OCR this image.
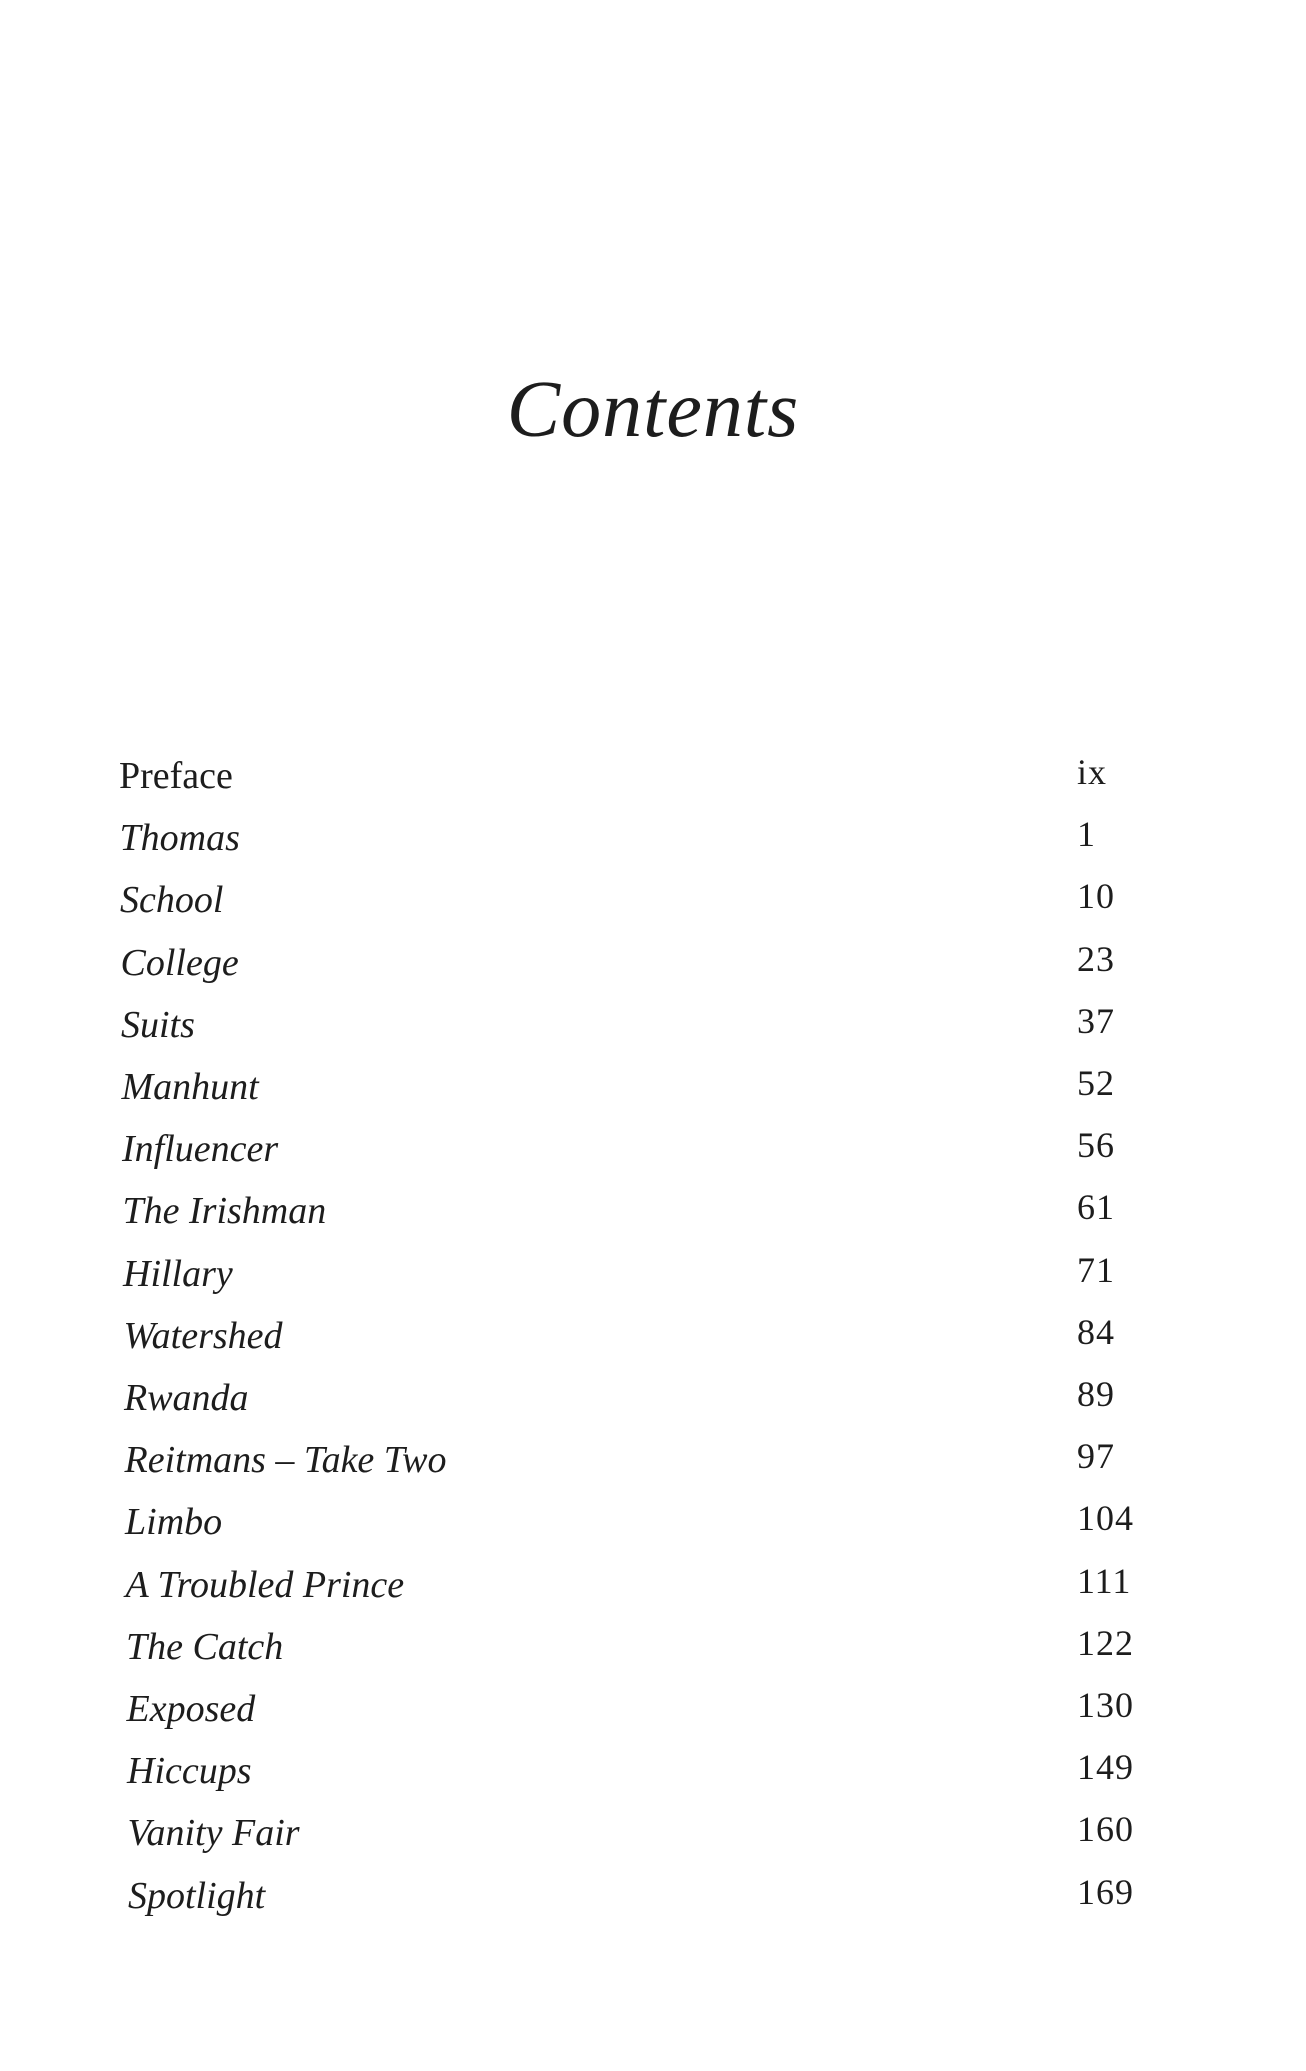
Contents
Preface	ix
Thomas	1
School	10
College	23
Suits	37
Manhunt	52
Influencer	56
The Irishman	61
Hillary	71
Watershed	84
Rwanda	89
Reitmans – Take Two	97
Limbo	104
A Troubled Prince	111
The Catch	122
Exposed	130
Hiccups	149
Vanity Fair	160
Spotlight	169
